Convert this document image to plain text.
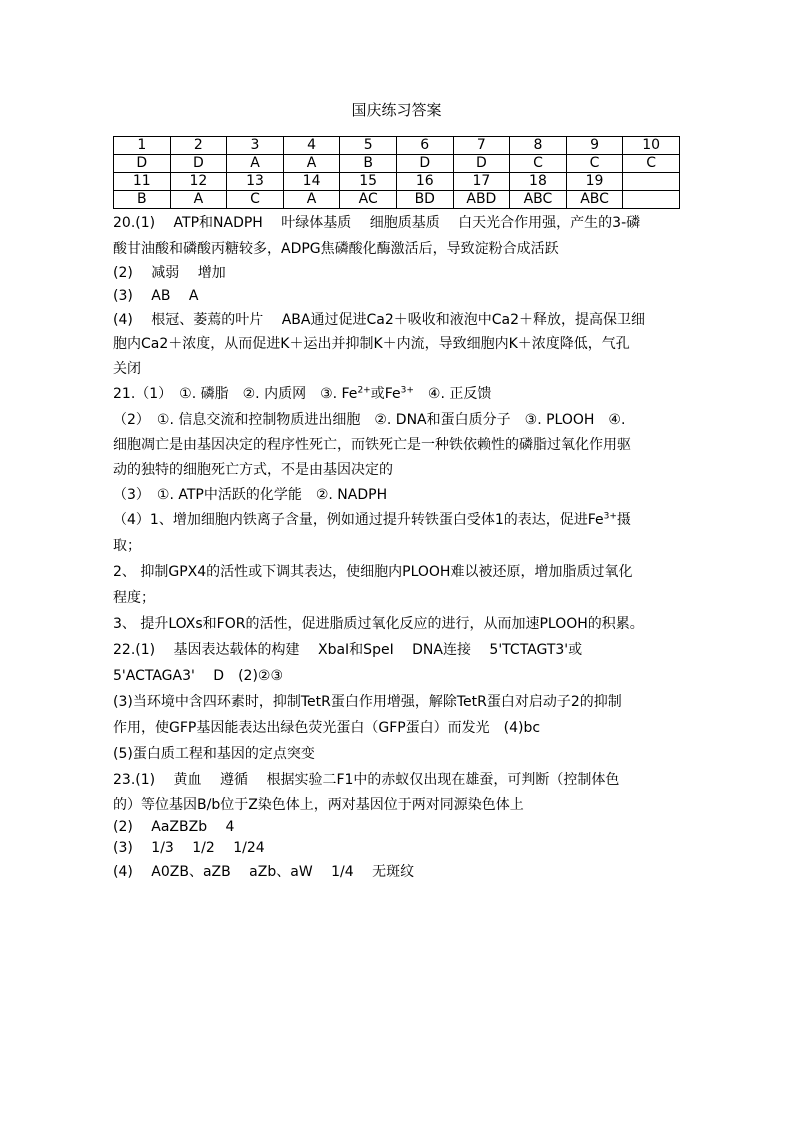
国庆练习答案
1	2	3	4	5	6	7	8	9	10
D	D	A	A	B	D	D	C	C	C
11	12	13	14	15	16	17	18	19	
B	A	C	A	AC	BD	ABD	ABC	ABC	
20.(1)　 ATP和NADPH　 叶绿体基质　 细胞质基质　 白天光合作用强，产生的3-磷
酸甘油酸和磷酸丙糖较多，ADPG焦磷酸化酶激活后，导致淀粉合成活跃
(2)　 减弱　 增加
(3)　 AB　 A
(4)　 根冠、萎蔫的叶片　 ABA通过促进Ca2＋吸收和液泡中Ca2＋释放，提高保卫细
胞内Ca2＋浓度，从而促进K＋运出并抑制K＋内流，导致细胞内K＋浓度降低，气孔
关闭
21.（1）　①. 磷脂　②. 内质网　③. $Fe^{2+}$或$Fe^{3+}$　④. 正反馈
（2）　①. 信息交流和控制物质进出细胞　②. DNA和蛋白质分子　③. PLOOH　④.
细胞凋亡是由基因决定的程序性死亡，而铁死亡是一种铁依赖性的磷脂过氧化作用驱
动的独特的细胞死亡方式，不是由基因决定的
（3）　①. ATP中活跃的化学能　②. NADPH
（4）1、增加细胞内铁离子含量，例如通过提升转铁蛋白受体1的表达，促进$Fe^{3+}$摄
取；
2、 抑制GPX4的活性或下调其表达，使细胞内PLOOH难以被还原，增加脂质过氧化
程度；
3、 提升LOXs和FOR的活性，促进脂质过氧化反应的进行，从而加速PLOOH的积累。
22.(1)　 基因表达载体的构建　 XbaI和SpeI　 DNA连接　 5'TCTAGT3'或
5'ACTAGA3'　 D　(2)②③
(3)当环境中含四环素时，抑制TetR蛋白作用增强，解除TetR蛋白对启动子2的抑制
作用，使GFP基因能表达出绿色荧光蛋白（GFP蛋白）而发光　(4)bc
(5)蛋白质工程和基因的定点突变
23.(1)　 黄血　 遵循　 根据实验二F1中的赤蚁仅出现在雄蚕，可判断（控制体色
的）等位基因B/b位于Z染色体上，两对基因位于两对同源染色体上
(2)　 AaZBZb　 4
(3)　 1/3　 1/2　 1/24
(4)　 A0ZB、aZB　 aZb、aW　 1/4　 无斑纹
